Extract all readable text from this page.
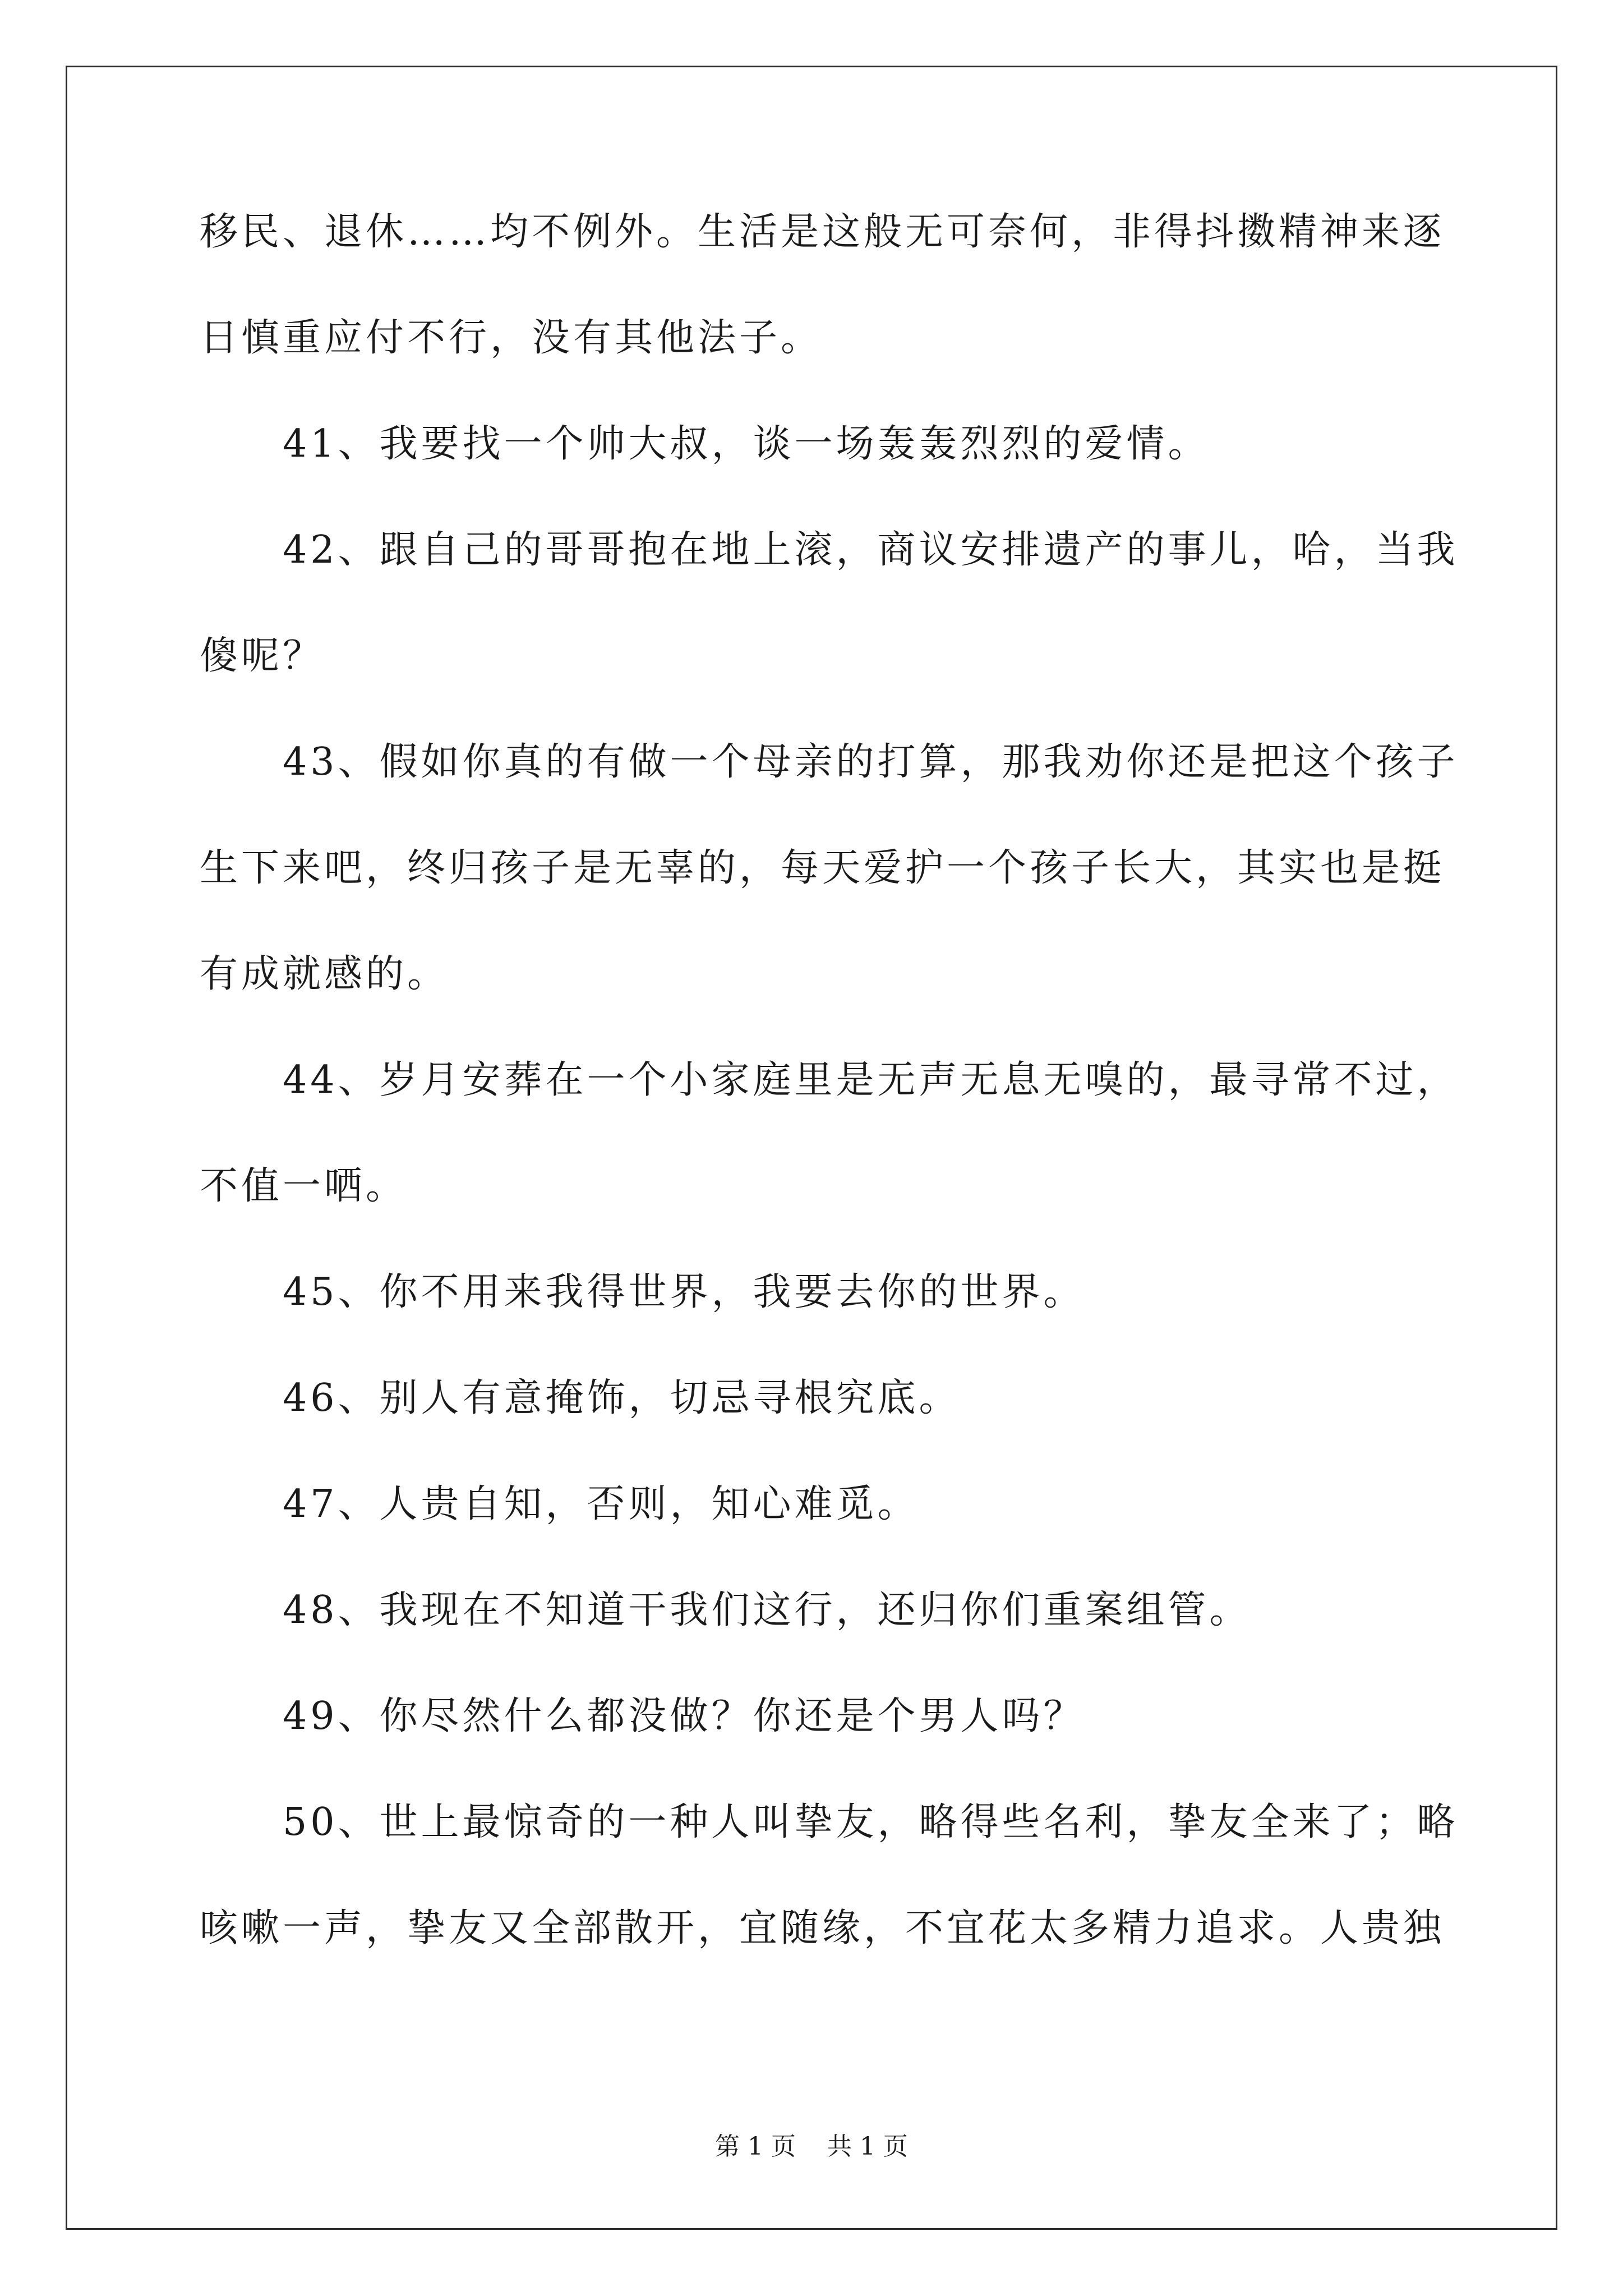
移民、退休……均不例外。生活是这般无可奈何，非得抖擞精神来逐
日慎重应付不行，没有其他法子。
　　41、我要找一个帅大叔，谈一场轰轰烈烈的爱情。
　　42、跟自己的哥哥抱在地上滚，商议安排遗产的事儿，哈，当我
傻呢？
　　43、假如你真的有做一个母亲的打算，那我劝你还是把这个孩子
生下来吧，终归孩子是无辜的，每天爱护一个孩子长大，其实也是挺
有成就感的。
　　44、岁月安葬在一个小家庭里是无声无息无嗅的，最寻常不过，
不值一哂。
　　45、你不用来我得世界，我要去你的世界。
　　46、别人有意掩饰，切忌寻根究底。
　　47、人贵自知，否则，知心难觅。
　　48、我现在不知道干我们这行，还归你们重案组管。
　　49、你尽然什么都没做？你还是个男人吗？
　　50、世上最惊奇的一种人叫挚友，略得些名利，挚友全来了；略
咳嗽一声，挚友又全部散开，宜随缘，不宜花太多精力追求。人贵独
第 1 页    共 1 页
